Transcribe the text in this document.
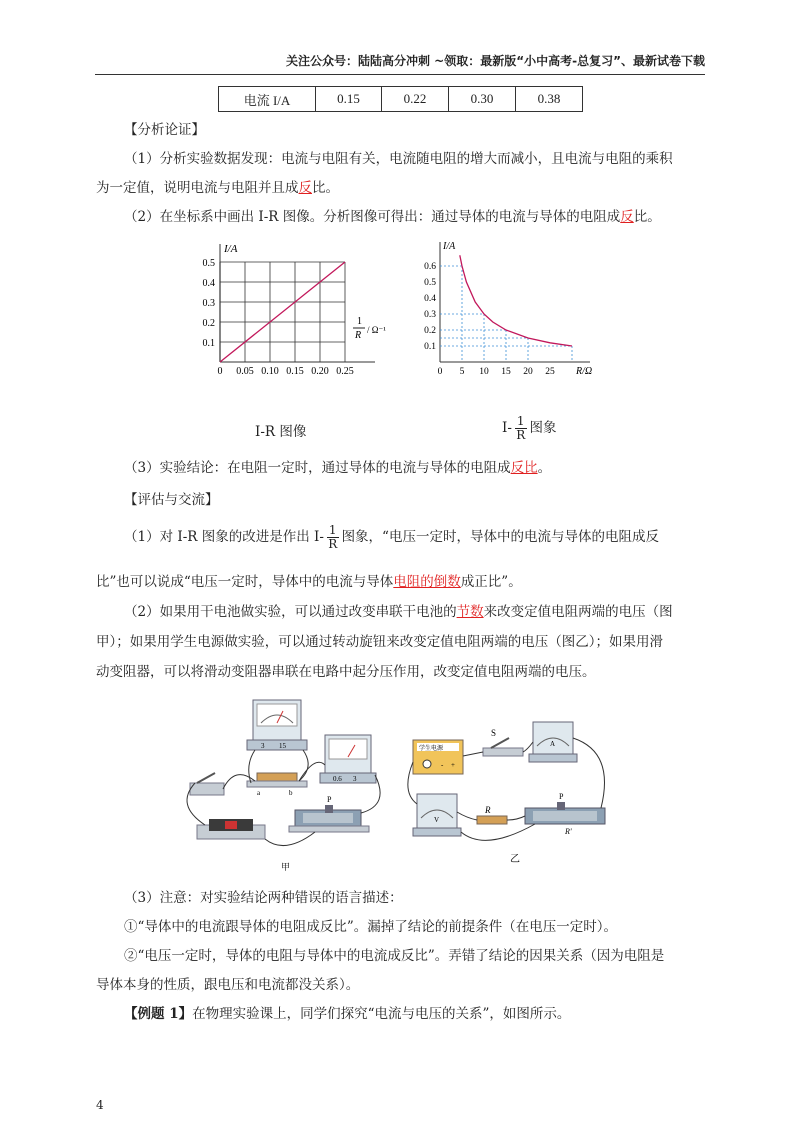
关注公众号：陆陆高分冲刺 ~领取：最新版“小中高考-总复习”、最新试卷下载
电流 I/A	0.15	0.22	0.30	0.38
【分析论证】
（1）分析实验数据发现：电流与电阻有关，电流随电阻的增大而减小，且电流与电阻的乘积
为一定值，说明电流与电阻并且成反比。
（2）在坐标系中画出 I-R 图像。分析图像可得出：通过导体的电流与导体的电阻成反比。
0 0.05 0.10 0.15 0.20 0.25
0.1
0.2
0.3
0.4
0.5
I/A
1
R / Ω⁻¹
0 5 10 15 20 25
0.1
0.2
0.3
0.4
0.5
0.6
I/A
R/Ω
I-R 图像	$I- \frac{1}{R}$ 图象
（3）实验结论：在电阻一定时，通过导体的电流与导体的电阻成反比。
【评估与交流】
（1）对 I-R 图象的改进是作出 $I- \frac{1}{R}$ 图象，“电压一定时，导体中的电流与导体的电阻成反
比”也可以说成“电压一定时，导体中的电流与导体电阻的倒数成正比”。
（2）如果用干电池做实验，可以通过改变串联干电池的节数来改变定值电阻两端的电压（图
甲）；如果用学生电源做实验，可以通过转动旋钮来改变定值电阻两端的电压（图乙）；如果用滑
动变阻器，可以将滑动变阻器串联在电路中起分压作用，改变定值电阻两端的电压。
3 15
0.6 3
a	b
P
甲
学生电源
- +
S
A
V
R
P
R'
乙
（3）注意：对实验结论两种错误的语言描述：
①“导体中的电流跟导体的电阻成反比”。漏掉了结论的前提条件（在电压一定时）。
②“电压一定时，导体的电阻与导体中的电流成反比”。弄错了结论的因果关系（因为电阻是
导体本身的性质，跟电压和电流都没关系）。
【例题 1】在物理实验课上，同学们探究“电流与电压的关系”，如图所示。
4
